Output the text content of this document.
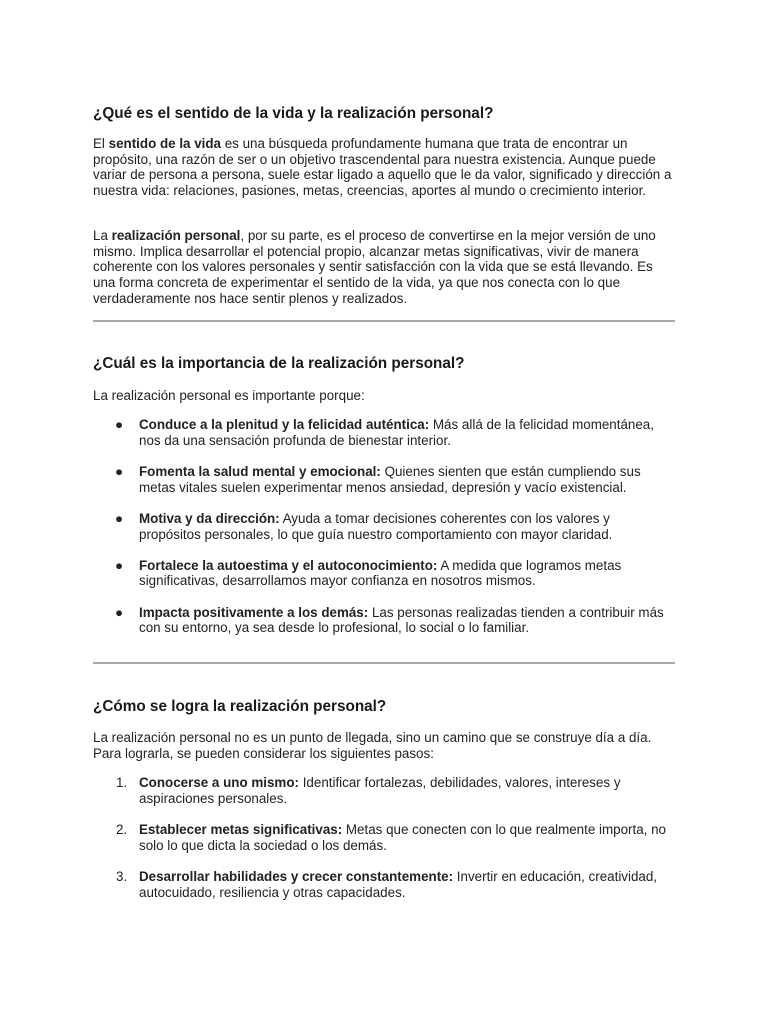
¿Qué es el sentido de la vida y la realización personal?

El sentido de la vida es una búsqueda profundamente humana que trata de encontrar un propósito, una razón de ser o un objetivo trascendental para nuestra existencia. Aunque puede variar de persona a persona, suele estar ligado a aquello que le da valor, significado y dirección a nuestra vida: relaciones, pasiones, metas, creencias, aportes al mundo o crecimiento interior.

La realización personal, por su parte, es el proceso de convertirse en la mejor versión de uno mismo. Implica desarrollar el potencial propio, alcanzar metas significativas, vivir de manera coherente con los valores personales y sentir satisfacción con la vida que se está llevando. Es una forma concreta de experimentar el sentido de la vida, ya que nos conecta con lo que verdaderamente nos hace sentir plenos y realizados.

¿Cuál es la importancia de la realización personal?

La realización personal es importante porque:

●	Conduce a la plenitud y la felicidad auténtica: Más allá de la felicidad momentánea, nos da una sensación profunda de bienestar interior.
●	Fomenta la salud mental y emocional: Quienes sienten que están cumpliendo sus metas vitales suelen experimentar menos ansiedad, depresión y vacío existencial.
●	Motiva y da dirección: Ayuda a tomar decisiones coherentes con los valores y propósitos personales, lo que guía nuestro comportamiento con mayor claridad.
●	Fortalece la autoestima y el autoconocimiento: A medida que logramos metas significativas, desarrollamos mayor confianza en nosotros mismos.
●	Impacta positivamente a los demás: Las personas realizadas tienden a contribuir más con su entorno, ya sea desde lo profesional, lo social o lo familiar.
¿Cómo se logra la realización personal?

La realización personal no es un punto de llegada, sino un camino que se construye día a día. Para lograrla, se pueden considerar los siguientes pasos:

1. Conocerse a uno mismo: Identificar fortalezas, debilidades, valores, intereses y aspiraciones personales.
2. Establecer metas significativas: Metas que conecten con lo que realmente importa, no solo lo que dicta la sociedad o los demás.
3. Desarrollar habilidades y crecer constantemente: Invertir en educación, creatividad, autocuidado, resiliencia y otras capacidades.
